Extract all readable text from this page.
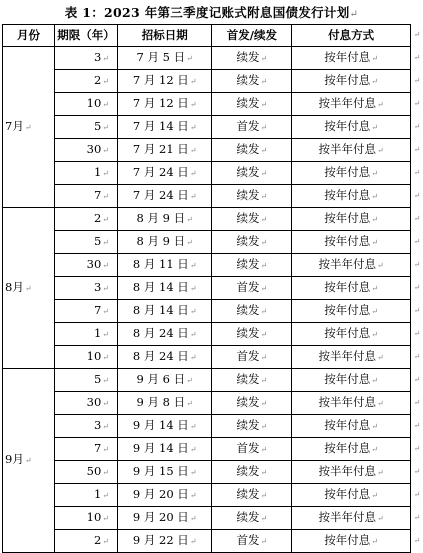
表 1：2023 年第三季度记账式附息国债发行计划↵
月份	期限（年）	招标日期	首发/续发	付息方式
7月↵	3↵	7 月 5 日↵	续发↵	按年付息↵
	2↵	7 月 12 日↵	续发↵	按年付息↵
	10↵	7 月 12 日↵	续发↵	按半年付息↵
	5↵	7 月 14 日↵	首发↵	按年付息↵
	30↵	7 月 21 日↵	续发↵	按半年付息↵
	1↵	7 月 24 日↵	续发↵	按年付息↵
	7↵	7 月 24 日↵	续发↵	按年付息↵
8月↵	2↵	8 月 9 日↵	续发↵	按年付息↵
	5↵	8 月 9 日↵	续发↵	按年付息↵
	30↵	8 月 11 日↵	续发↵	按半年付息↵
	3↵	8 月 14 日↵	首发↵	按年付息↵
	7↵	8 月 14 日↵	续发↵	按年付息↵
	1↵	8 月 24 日↵	续发↵	按年付息↵
	10↵	8 月 24 日↵	首发↵	按半年付息↵
9月↵	5↵	9 月 6 日↵	续发↵	按年付息↵
	30↵	9 月 8 日↵	续发↵	按半年付息↵
	3↵	9 月 14 日↵	续发↵	按年付息↵
	7↵	9 月 14 日↵	首发↵	按年付息↵
	50↵	9 月 15 日↵	续发↵	按半年付息↵
	1↵	9 月 20 日↵	续发↵	按年付息↵
	10↵	9 月 20 日↵	续发↵	按半年付息↵
	2↵	9 月 22 日↵	首发↵	按年付息↵
↵
↵
↵
↵
↵
↵
↵
↵
↵
↵
↵
↵
↵
↵
↵
↵
↵
↵
↵
↵
↵
↵
↵
